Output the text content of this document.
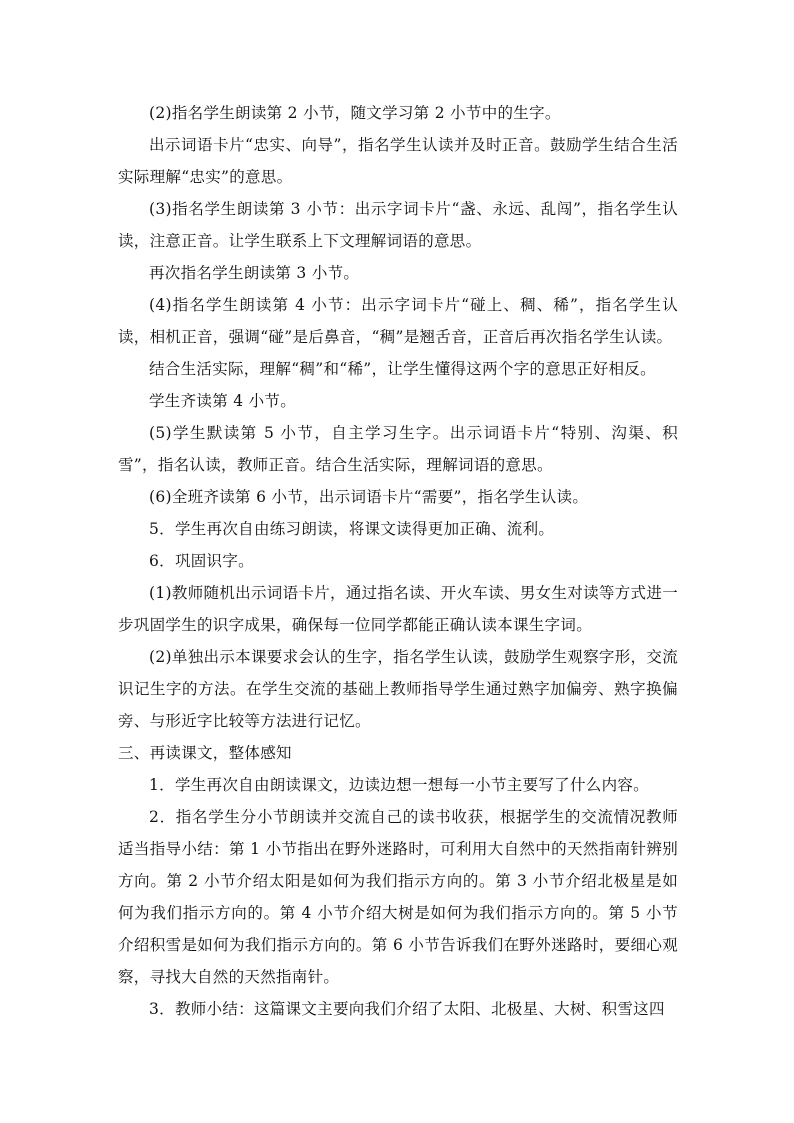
(2)指名学生朗读第 2 小节，随文学习第 2 小节中的生字。

出示词语卡片“忠实、向导”，指名学生认读并及时正音。鼓励学生结合生活实际理解“忠实”的意思。

(3)指名学生朗读第 3 小节：出示字词卡片“盏、永远、乱闯”，指名学生认读，注意正音。让学生联系上下文理解词语的意思。

再次指名学生朗读第 3 小节。

(4)指名学生朗读第 4 小节：出示字词卡片“碰上、稠、稀”，指名学生认读，相机正音，强调“碰”是后鼻音，“稠”是翘舌音，正音后再次指名学生认读。

结合生活实际，理解“稠”和“稀”，让学生懂得这两个字的意思正好相反。

学生齐读第 4 小节。

(5)学生默读第 5 小节，自主学习生字。出示词语卡片“特别、沟渠、积雪”，指名认读，教师正音。结合生活实际，理解词语的意思。

(6)全班齐读第 6 小节，出示词语卡片“需要”，指名学生认读。

5．学生再次自由练习朗读，将课文读得更加正确、流利。

6．巩固识字。

(1)教师随机出示词语卡片，通过指名读、开火车读、男女生对读等方式进一步巩固学生的识字成果，确保每一位同学都能正确认读本课生字词。

(2)单独出示本课要求会认的生字，指名学生认读，鼓励学生观察字形，交流识记生字的方法。在学生交流的基础上教师指导学生通过熟字加偏旁、熟字换偏旁、与形近字比较等方法进行记忆。

三、再读课文，整体感知

1．学生再次自由朗读课文，边读边想一想每一小节主要写了什么内容。

2．指名学生分小节朗读并交流自己的读书收获，根据学生的交流情况教师适当指导小结：第 1 小节指出在野外迷路时，可利用大自然中的天然指南针辨别方向。第 2 小节介绍太阳是如何为我们指示方向的。第 3 小节介绍北极星是如何为我们指示方向的。第 4 小节介绍大树是如何为我们指示方向的。第 5 小节介绍积雪是如何为我们指示方向的。第 6 小节告诉我们在野外迷路时，要细心观察，寻找大自然的天然指南针。

3．教师小结：这篇课文主要向我们介绍了太阳、北极星、大树、积雪这四
